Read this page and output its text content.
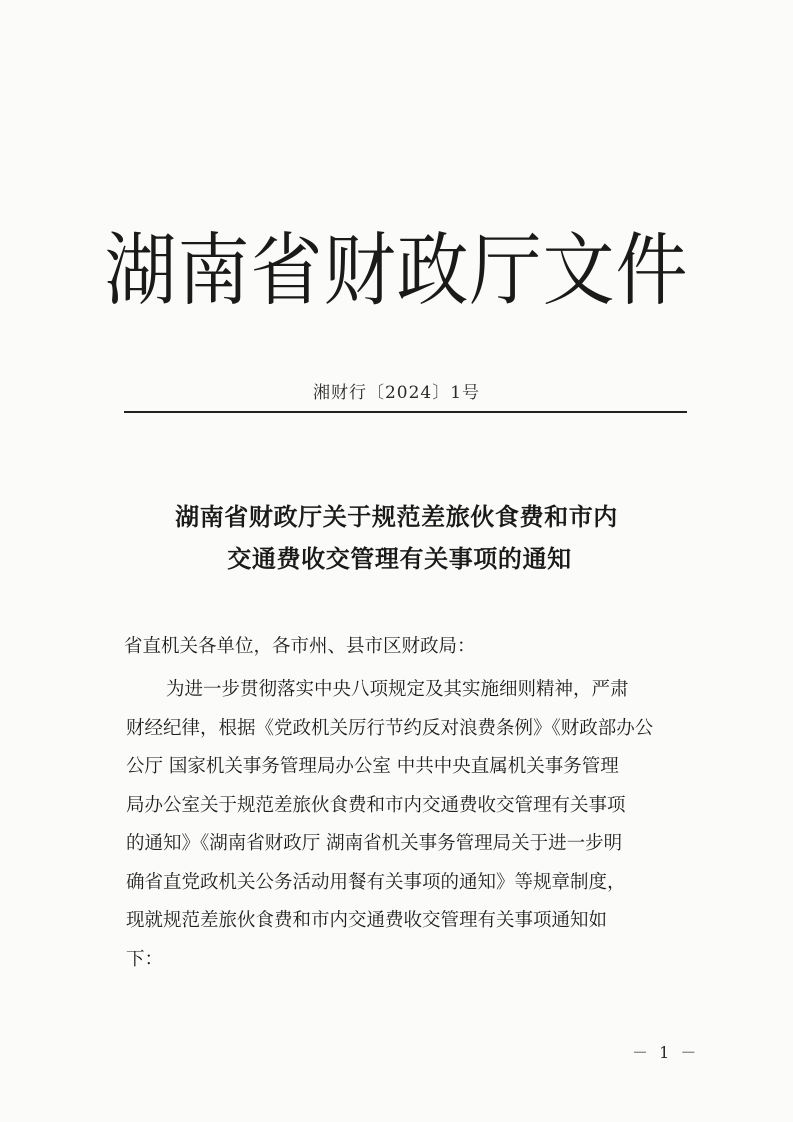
湖南省财政厅文件
湘财行〔2024〕1号
湖南省财政厅关于规范差旅伙食费和市内
交通费收交管理有关事项的通知
省直机关各单位，各市州、县市区财政局：
为进一步贯彻落实中央八项规定及其实施细则精神，严肃
财经纪律，根据《党政机关厉行节约反对浪费条例》《财政部办公
公厅 国家机关事务管理局办公室 中共中央直属机关事务管理
局办公室关于规范差旅伙食费和市内交通费收交管理有关事项
的通知》《湖南省财政厅 湖南省机关事务管理局关于进一步明
确省直党政机关公务活动用餐有关事项的通知》等规章制度，
现就规范差旅伙食费和市内交通费收交管理有关事项通知如
下：
－ 1 －
